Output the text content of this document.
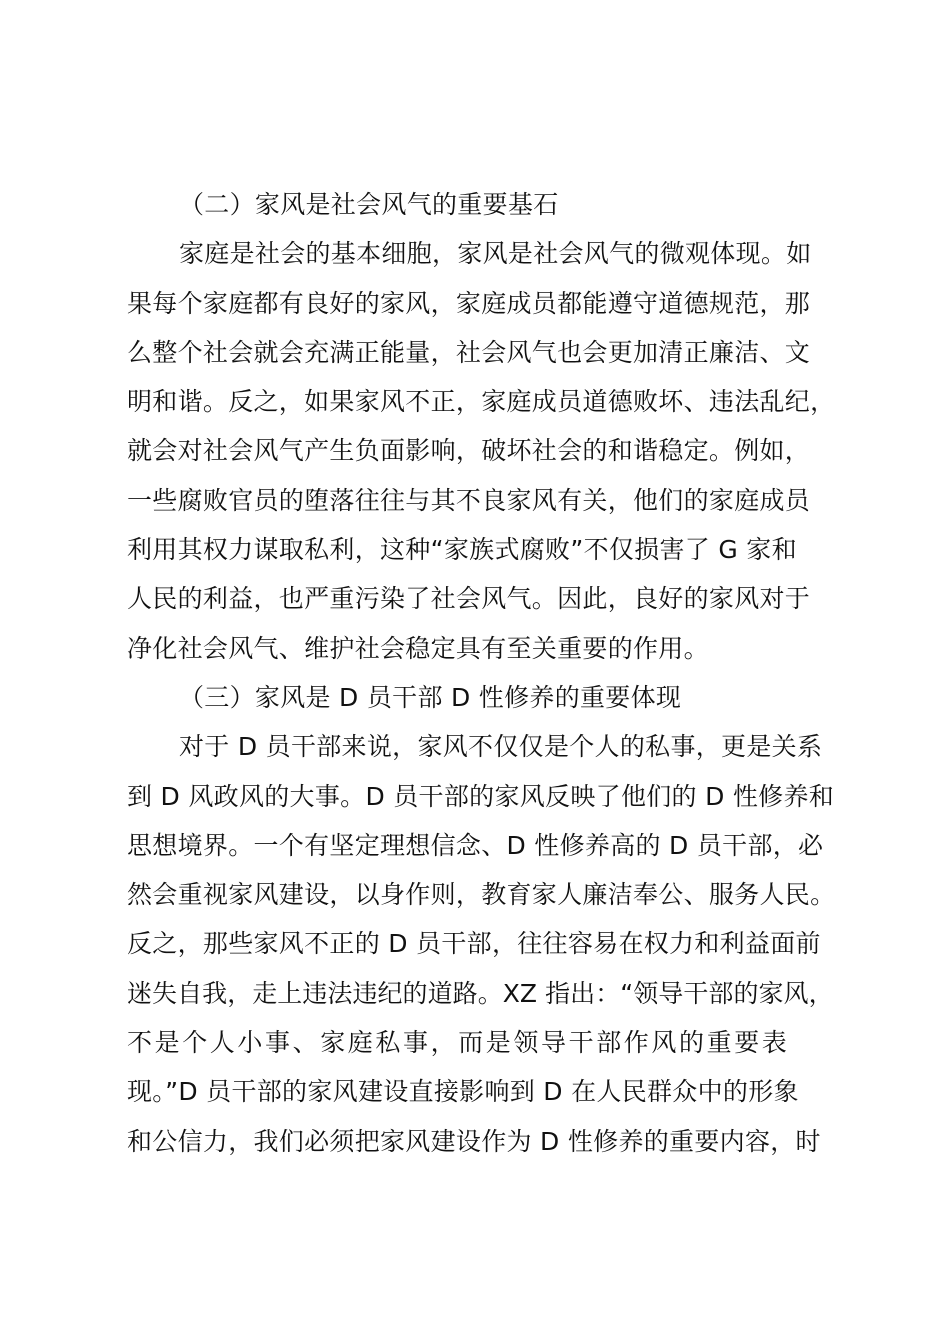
（二）家风是社会风气的重要基石
家庭是社会的基本细胞，家风是社会风气的微观体现。如
果每个家庭都有良好的家风，家庭成员都能遵守道德规范，那
么整个社会就会充满正能量，社会风气也会更加清正廉洁、文
明和谐。反之，如果家风不正，家庭成员道德败坏、违法乱纪，
就会对社会风气产生负面影响，破坏社会的和谐稳定。例如，
一些腐败官员的堕落往往与其不良家风有关，他们的家庭成员
利用其权力谋取私利，这种“家族式腐败”不仅损害了 G 家和
人民的利益，也严重污染了社会风气。因此，良好的家风对于
净化社会风气、维护社会稳定具有至关重要的作用。
（三）家风是 D 员干部 D 性修养的重要体现
对于 D 员干部来说，家风不仅仅是个人的私事，更是关系
到 D 风政风的大事。D 员干部的家风反映了他们的 D 性修养和
思想境界。一个有坚定理想信念、D 性修养高的 D 员干部，必
然会重视家风建设，以身作则，教育家人廉洁奉公、服务人民。
反之，那些家风不正的 D 员干部，往往容易在权力和利益面前
迷失自我，走上违法违纪的道路。XZ 指出：“领导干部的家风，
不是个人小事、家庭私事，而是领导干部作风的重要表
现。”D 员干部的家风建设直接影响到 D 在人民群众中的形象
和公信力，我们必须把家风建设作为 D 性修养的重要内容，时
